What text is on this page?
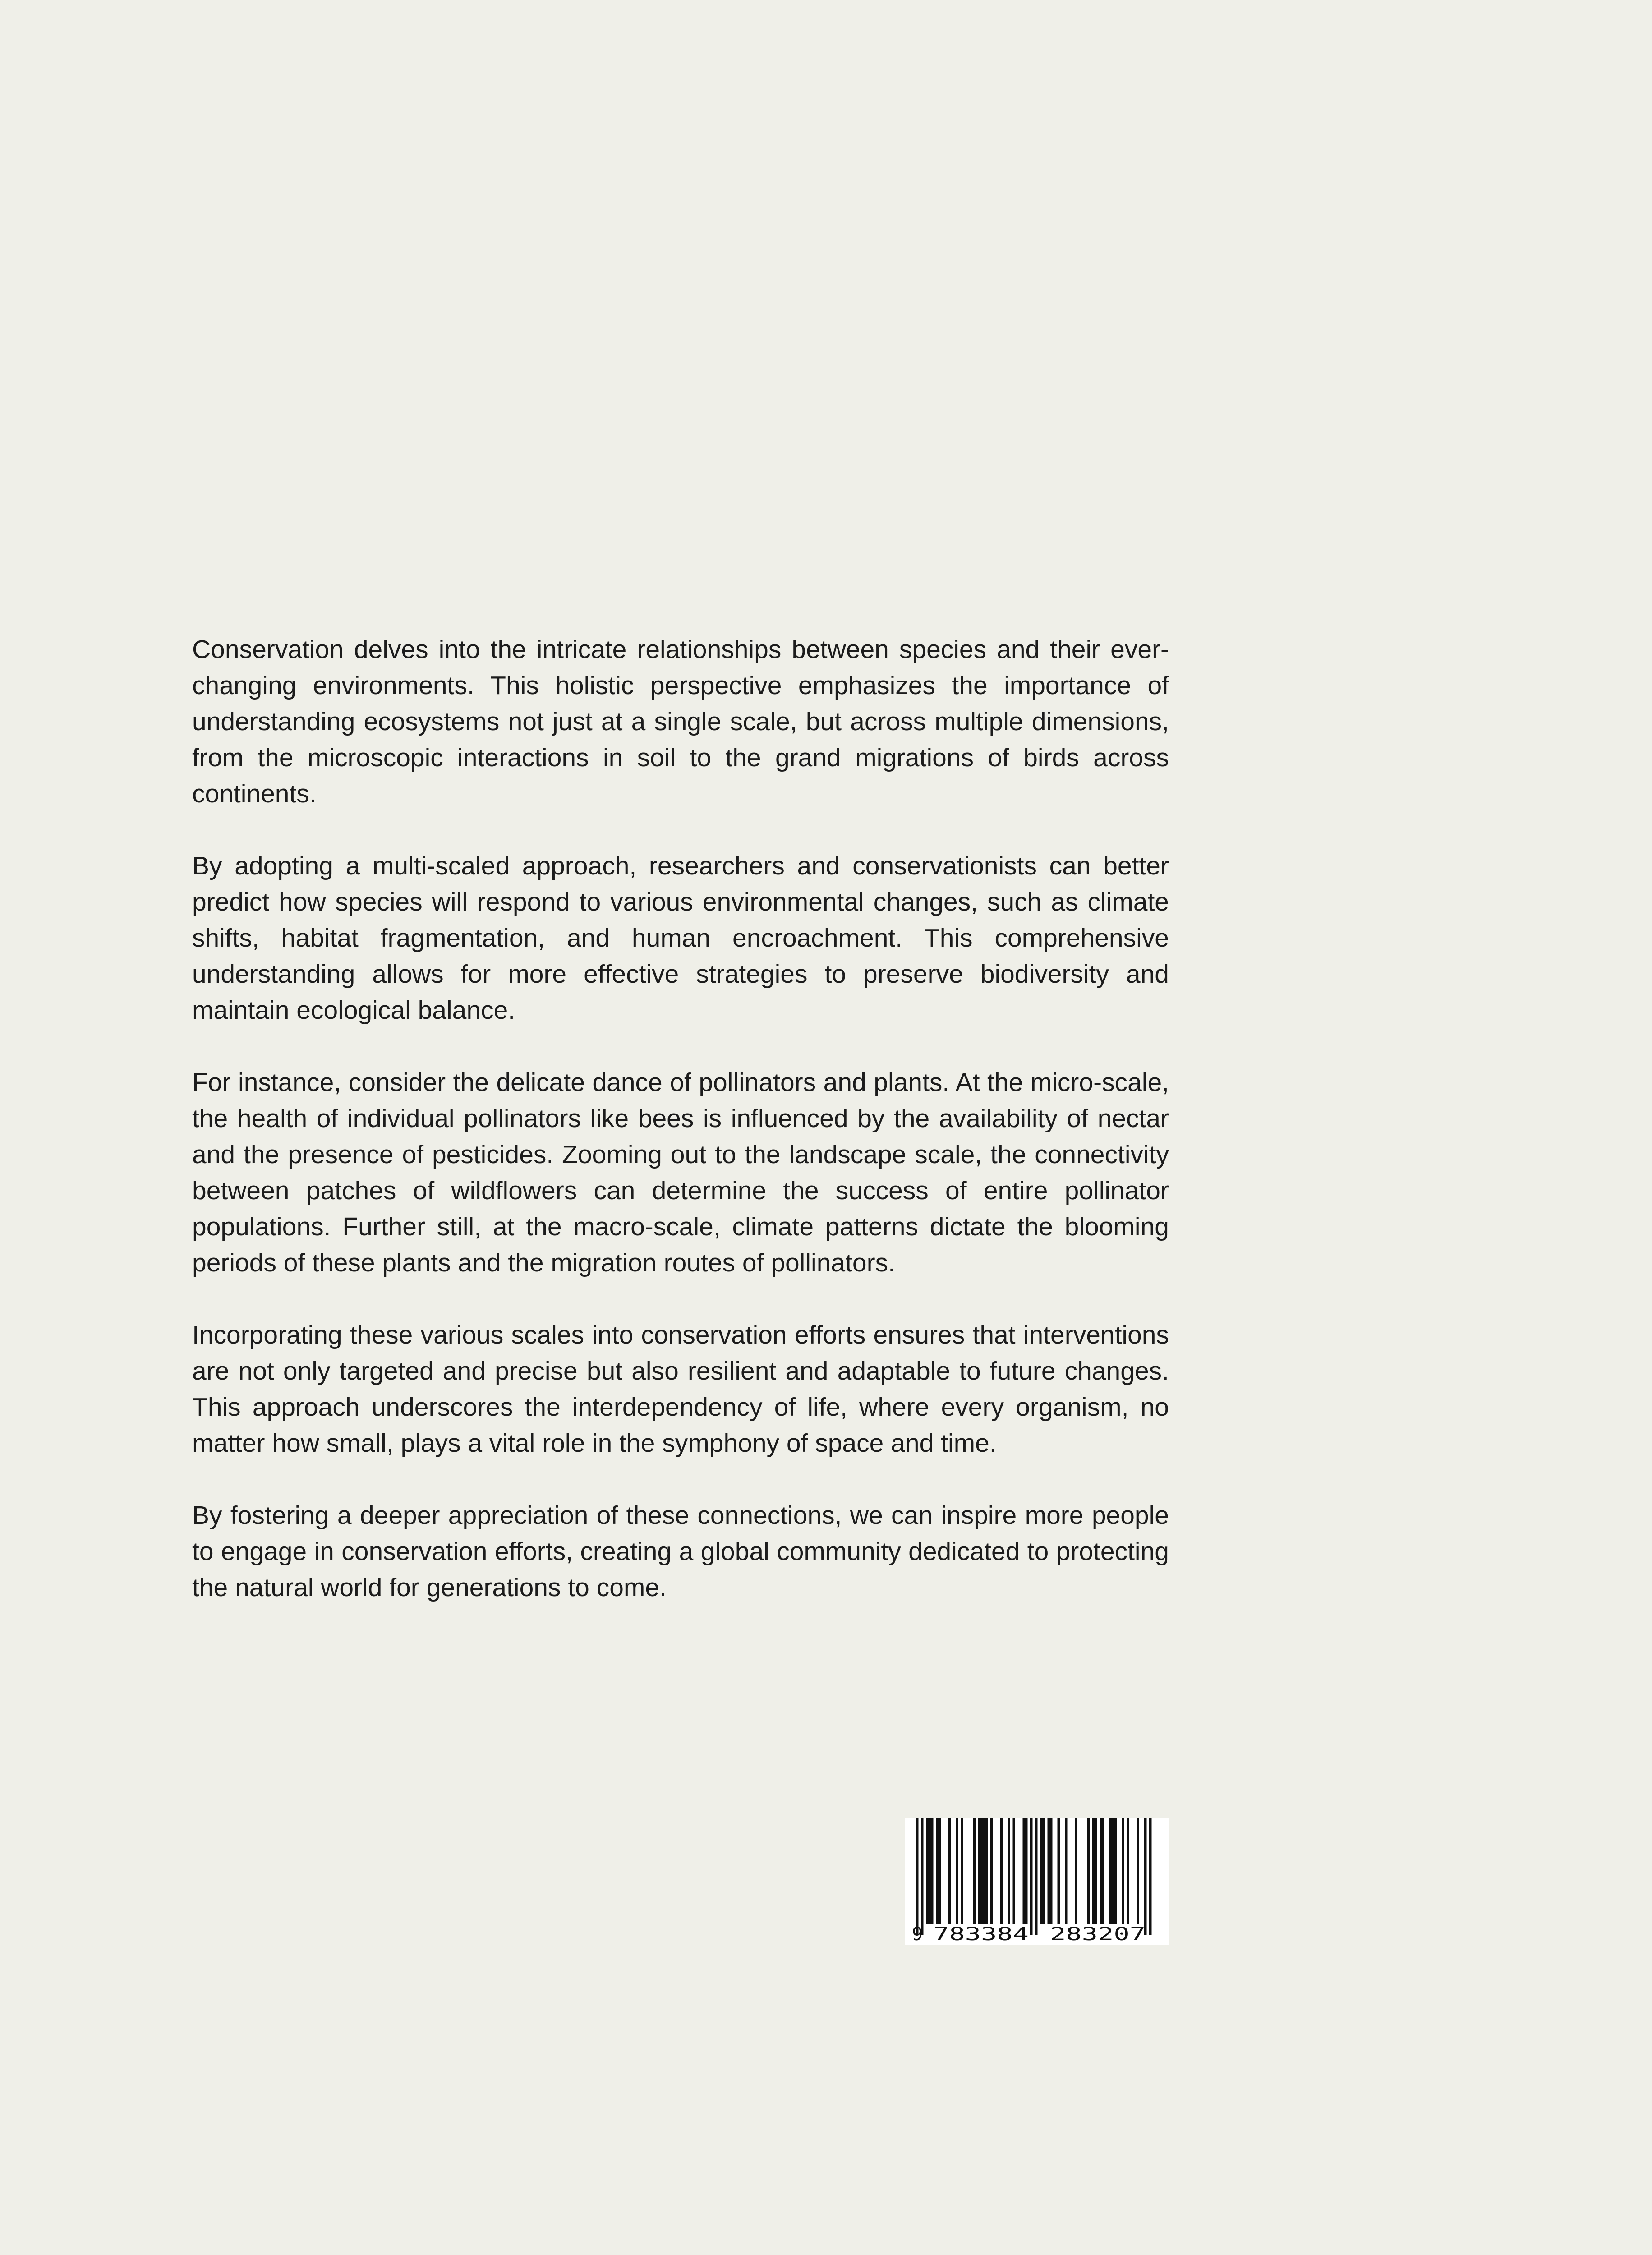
Conservation delves into the intricate relationships between species and their ever-changing environments. This holistic perspective emphasizes the importance of understanding ecosystems not just at a single scale, but across multiple dimensions, from the microscopic interactions in soil to the grand migrations of birds across continents.

By adopting a multi-scaled approach, researchers and conservationists can better predict how species will respond to various environmental changes, such as climate shifts, habitat fragmentation, and human encroachment. This comprehensive understanding allows for more effective strategies to preserve biodiversity and maintain ecological balance.

For instance, consider the delicate dance of pollinators and plants. At the micro-scale, the health of individual pollinators like bees is influenced by the availability of nectar and the presence of pesticides. Zooming out to the landscape scale, the connectivity between patches of wildflowers can determine the success of entire pollinator populations. Further still, at the macro-scale, climate patterns dictate the blooming periods of these plants and the migration routes of pollinators.

Incorporating these various scales into conservation efforts ensures that interventions are not only targeted and precise but also resilient and adaptable to future changes. This approach underscores the interdependency of life, where every organism, no matter how small, plays a vital role in the symphony of space and time.

By fostering a deeper appreciation of these connections, we can inspire more people to engage in conservation efforts, creating a global community dedicated to protecting the natural world for generations to come.

9 783384 283207
